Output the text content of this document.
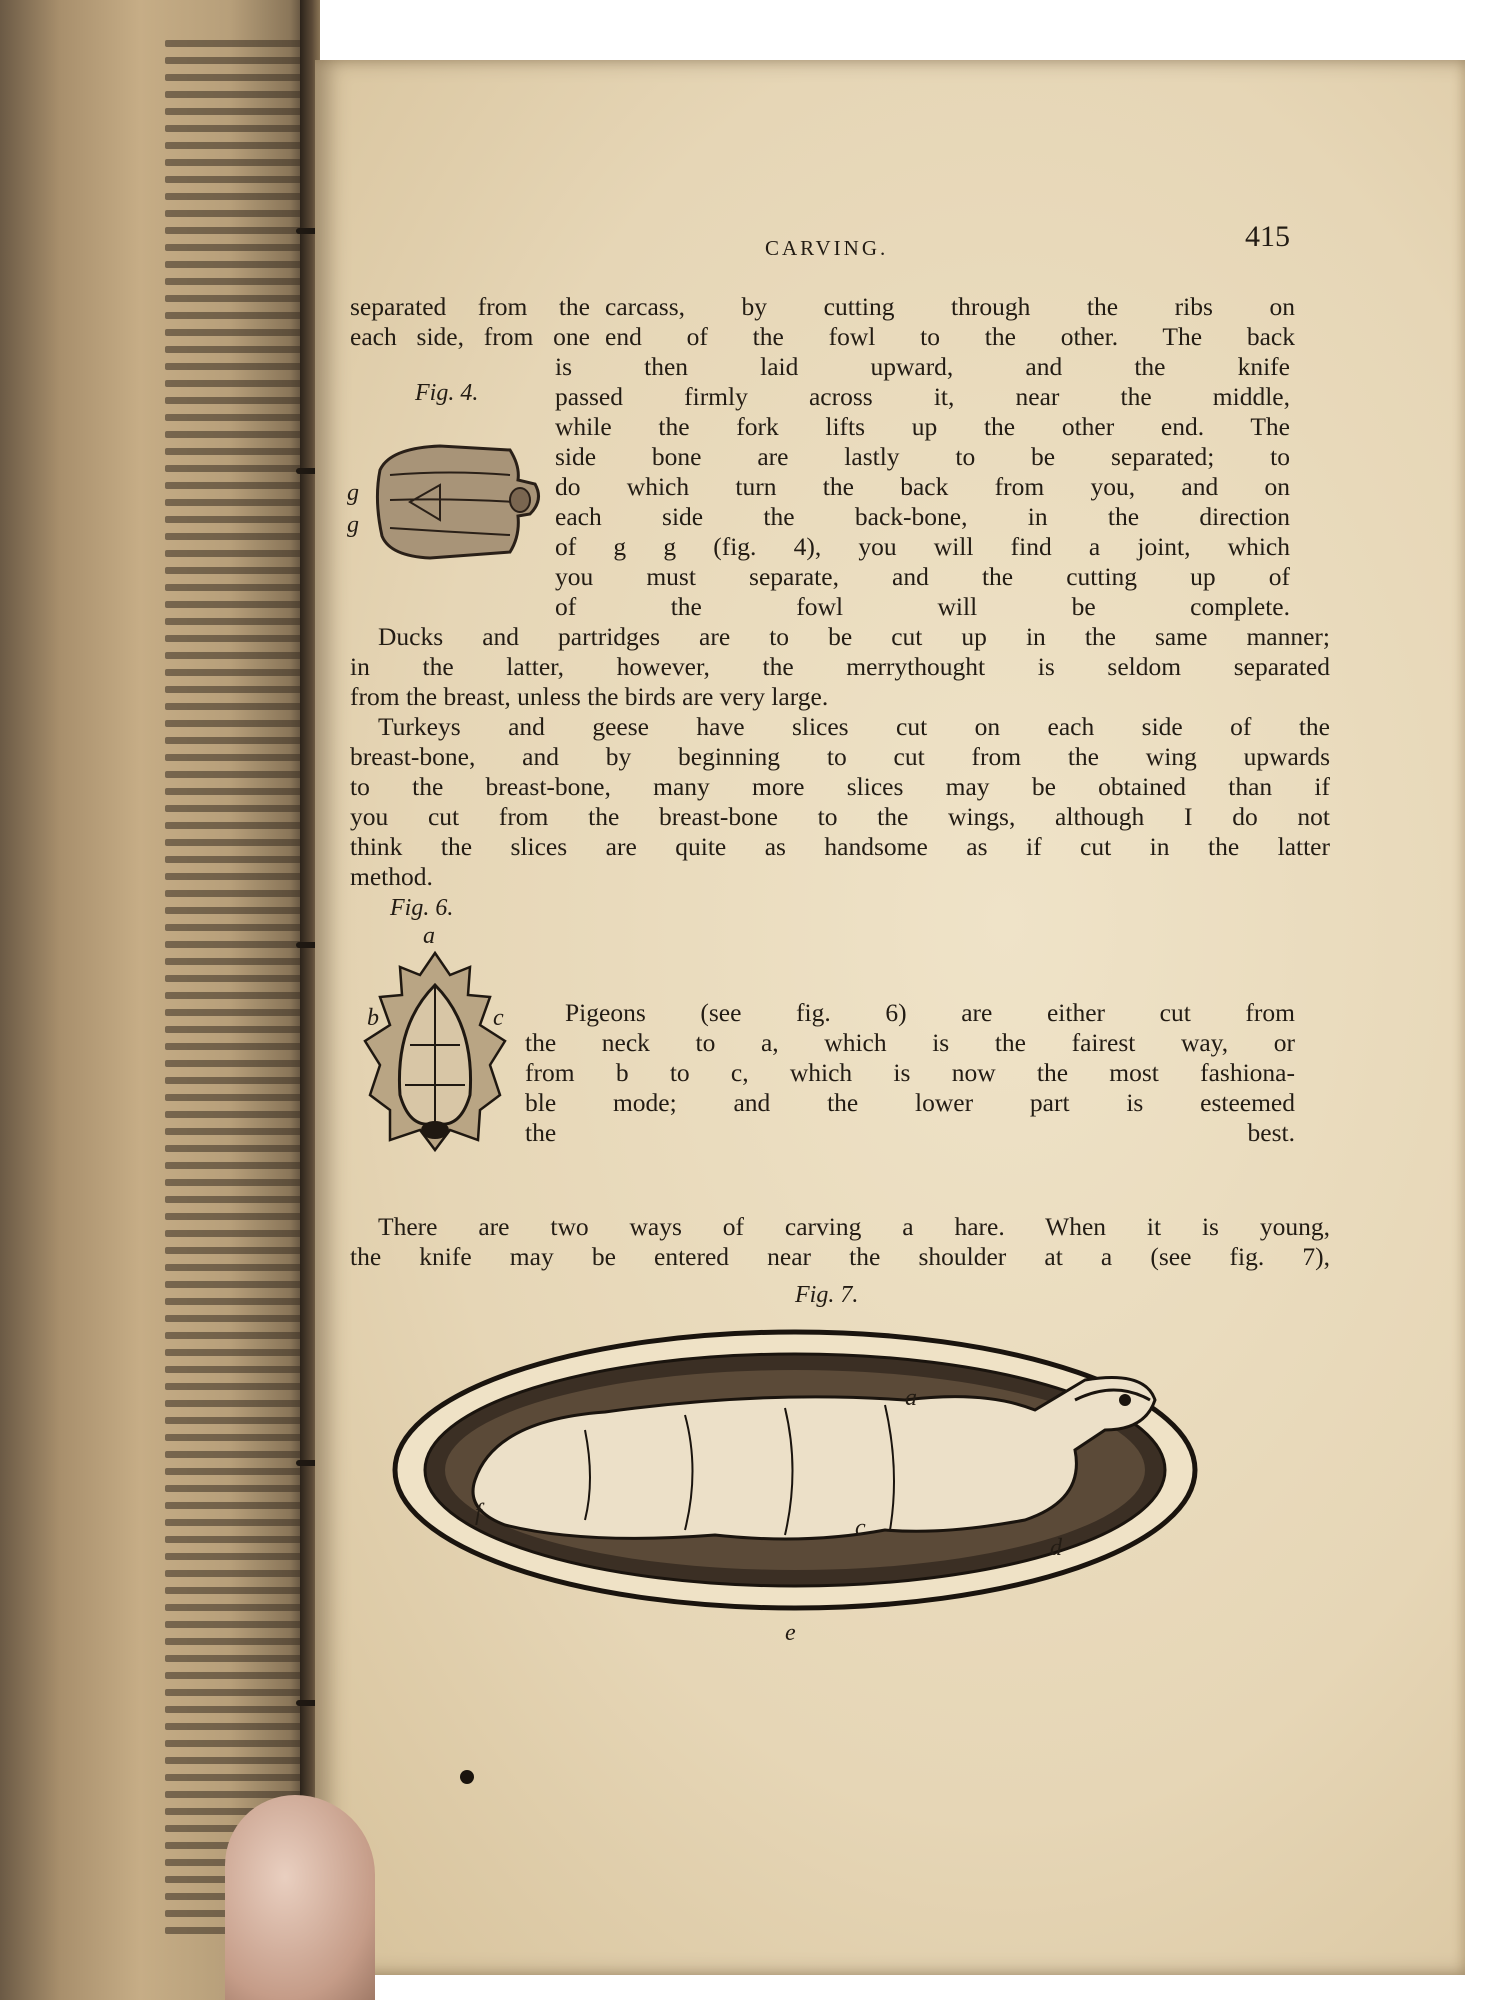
CARVING.	415
separated from the carcass, by cutting through the ribs on
each side, from one end of the fowl to the other. The back
is then laid upward, and the knife
passed firmly across it, near the middle,
while the fork lifts up the other end. The
side bone are lastly to be separated; to
do which turn the back from you, and on
each side the back-bone, in the direction
of g g (fig. 4), you will find a joint, which
you must separate, and the cutting up of
of the fowl will be complete.
Fig. 4.
g
g
Ducks and partridges are to be cut up in the same manner;
in the latter, however, the merrythought is seldom separated
from the breast, unless the birds are very large.
Turkeys and geese have slices cut on each side of the
breast-bone, and by beginning to cut from the wing upwards
to the breast-bone, many more slices may be obtained than if
you cut from the breast-bone to the wings, although I do not
think the slices are quite as handsome as if cut in the latter
method.
Fig. 6.
a
b	c	Pigeons (see fig. 6) are either cut from
the neck to a, which is the fairest way, or
from b to c, which is now the most fashiona-
ble mode; and the lower part is esteemed
the best.
There are two ways of carving a hare. When it is young,
the knife may be entered near the shoulder at a (see fig. 7),
Fig. 7.
a
c
d
e
f
